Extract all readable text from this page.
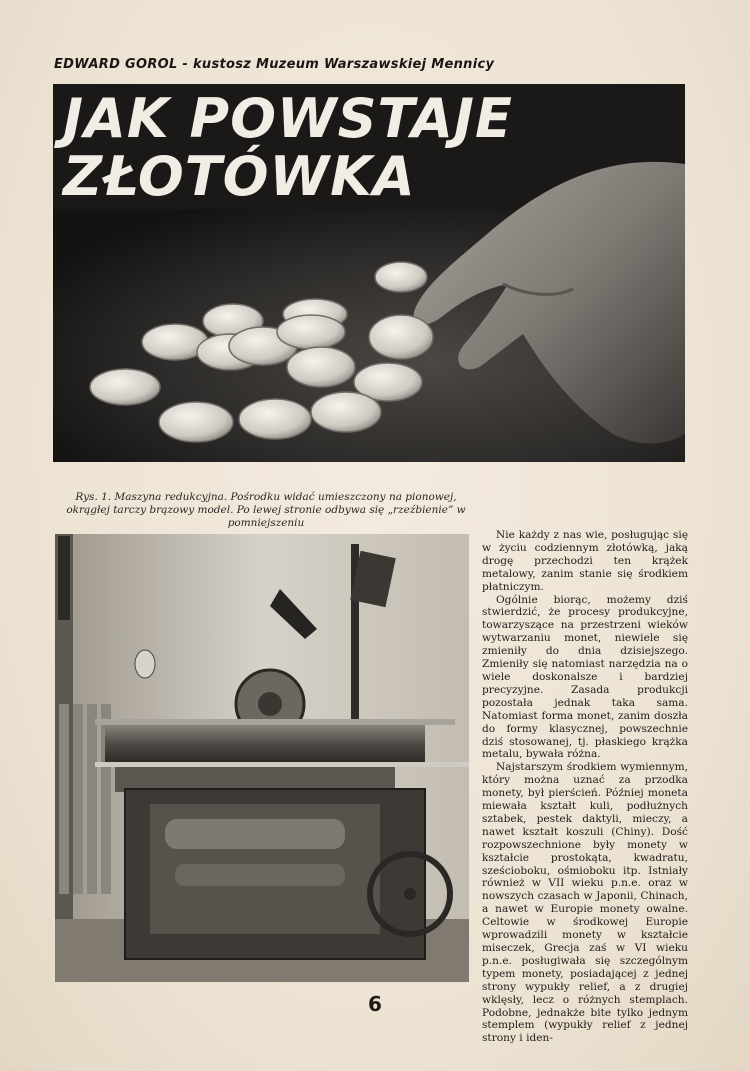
EDWARD GOROL - kustosz Muzeum Warszawskiej Mennicy
JAK POWSTAJE
ZŁOTÓWKA
Rys. 1. Maszyna redukcyjna. Pośrodku widać umieszczony na pionowej, okrągłej tarczy brązowy model. Po lewej stronie odbywa się „rzeźbienie” w pomniejszeniu

Nie każdy z nas wie, posługując się w życiu codziennym złotówką, jaką drogę przechodzi ten krążek metalowy, zanim stanie się środkiem płatniczym.

Ogólnie biorąc, możemy dziś stwierdzić, że procesy produkcyjne, towarzyszące na przestrzeni wieków wytwarzaniu monet, niewiele się zmieniły do dnia dzisiejszego. Zmieniły się natomiast narzędzia na o wiele doskonalsze i bardziej precyzyjne. Zasada produkcji pozostała jednak taka sama. Natomiast forma monet, zanim doszła do formy klasycznej, powszechnie dziś stosowanej, tj. płaskiego krążka metalu, bywała różna.

Najstarszym środkiem wymiennym, który można uznać za przodka monety, był pierścień. Później moneta miewała kształt kuli, podłużnych sztabek, pestek daktyli, mieczy, a nawet kształt koszuli (Chiny). Dość rozpowszechnione były monety w kształcie prostokąta, kwadratu, sześcioboku, ośmioboku itp. Istniały również w VII wieku p.n.e. oraz w nowszych czasach w Japonii, Chinach, a nawet w Europie monety owalne. Celtowie w środkowej Europie wprowadzili monety w kształcie miseczek, Grecja zaś w VI wieku p.n.e. posługiwała się szczególnym typem monety, posiadającej z jednej strony wypukły relief, a z drugiej wklęsły, lecz o różnych stemplach. Podobne, jednakże bite tylko jednym stemplem (wypukły relief z jednej strony i iden-

6
